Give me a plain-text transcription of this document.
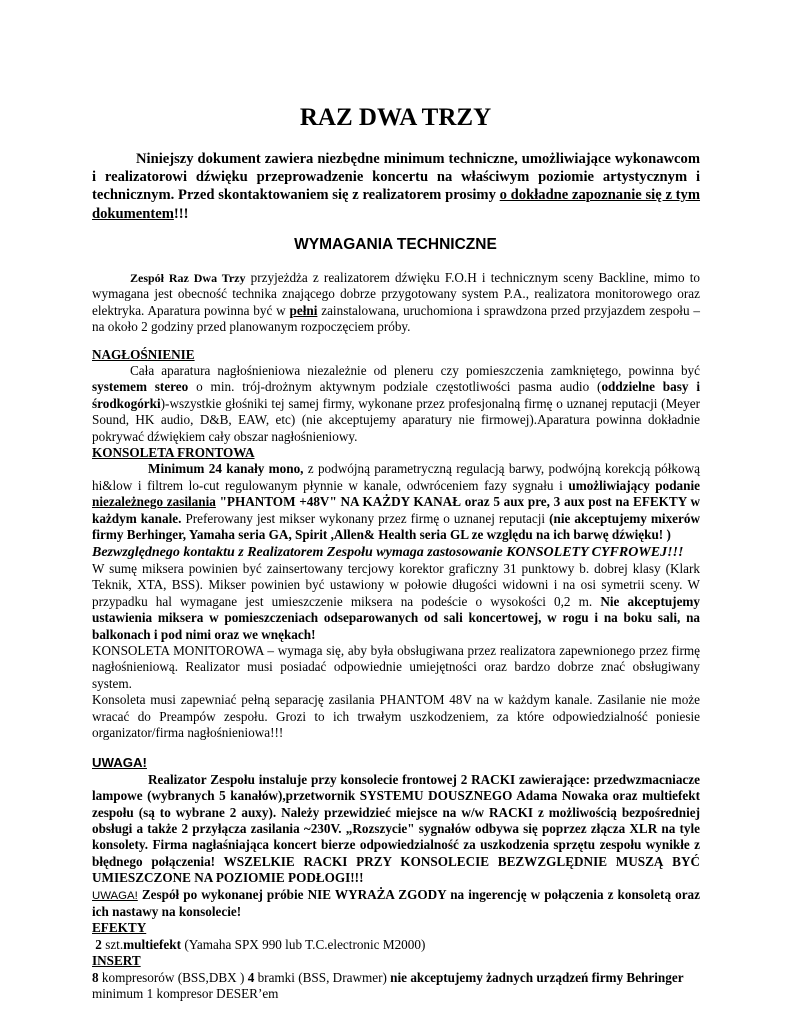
RAZ DWA TRZY

Niniejszy dokument zawiera niezbędne minimum techniczne, umożliwiające wykonawcom i realizatorowi dźwięku przeprowadzenie koncertu na właściwym poziomie artystycznym i technicznym. Przed skontaktowaniem się z realizatorem prosimy o dokładne zapoznanie się z tym dokumentem!!!

WYMAGANIA TECHNICZNE

Zespół Raz Dwa Trzy przyjeżdża z realizatorem dźwięku F.O.H i technicznym sceny Backline, mimo to wymagana jest obecność technika znającego dobrze przygotowany system P.A., realizatora monitorowego oraz elektryka. Aparatura powinna być w pełni zainstalowana, uruchomiona i sprawdzona przed przyjazdem zespołu – na około 2 godziny przed planowanym rozpoczęciem próby.

NAGŁOŚNIENIE

Cała aparatura nagłośnieniowa niezależnie od pleneru czy pomieszczenia zamkniętego, powinna być systemem stereo o min. trój-drożnym aktywnym podziale częstotliwości pasma audio (oddzielne basy i środkogórki)-wszystkie głośniki tej samej firmy, wykonane przez profesjonalną firmę o uznanej reputacji (Meyer Sound, HK audio, D&B, EAW, etc) (nie akceptujemy aparatury nie firmowej).Aparatura powinna dokładnie pokrywać dźwiękiem cały obszar nagłośnieniowy.

KONSOLETA FRONTOWA

Minimum 24 kanały mono, z podwójną parametryczną regulacją barwy, podwójną korekcją półkową hi&low i filtrem lo-cut regulowanym płynnie w kanale, odwróceniem fazy sygnału i umożliwiający podanie niezależnego zasilania "PHANTOM +48V" NA KAŻDY KANAŁ oraz 5 aux pre, 3 aux post na EFEKTY w każdym kanale. Preferowany jest mikser wykonany przez firmę o uznanej reputacji (nie akceptujemy mixerów firmy Berhinger, Yamaha seria GA, Spirit ,Allen& Health seria GL ze względu na ich barwę dźwięku! )

Bezwzględnego kontaktu z Realizatorem Zespołu wymaga zastosowanie KONSOLETY CYFROWEJ!!!

W sumę miksera powinien być zainsertowany tercjowy korektor graficzny 31 punktowy b. dobrej klasy (Klark Teknik, XTA, BSS). Mikser powinien być ustawiony w połowie długości widowni i na osi symetrii sceny. W przypadku hal wymagane jest umieszczenie miksera na podeście o wysokości 0,2 m. Nie akceptujemy ustawienia miksera w pomieszczeniach odseparowanych od sali koncertowej, w rogu i na boku sali, na balkonach i pod nimi oraz we wnękach!

KONSOLETA MONITOROWA – wymaga się, aby była obsługiwana przez realizatora zapewnionego przez firmę nagłośnieniową. Realizator musi posiadać odpowiednie umiejętności oraz bardzo dobrze znać obsługiwany system.

Konsoleta musi zapewniać pełną separację zasilania PHANTOM 48V na w każdym kanale. Zasilanie nie może wracać do Preampów zespołu. Grozi to ich trwałym uszkodzeniem, za które odpowiedzialność poniesie organizator/firma nagłośnieniowa!!!

UWAGA!

Realizator Zespołu instaluje przy konsolecie frontowej 2 RACKI zawierające: przedwzmacniacze lampowe (wybranych 5 kanałów),przetwornik SYSTEMU DOUSZNEGO Adama Nowaka oraz multiefekt zespołu (są to wybrane 2 auxy). Należy przewidzieć miejsce na w/w RACKI z możliwością bezpośredniej obsługi a także 2 przyłącza zasilania ~230V. „Rozszycie" sygnałów odbywa się poprzez złącza XLR na tyle konsolety. Firma nagłaśniająca koncert bierze odpowiedzialność za uszkodzenia sprzętu zespołu wynikłe z błędnego połączenia! WSZELKIE RACKI PRZY KONSOLECIE BEZWZGLĘDNIE MUSZĄ BYĆ UMIESZCZONE NA POZIOMIE PODŁOGI!!!

UWAGA! Zespół po wykonanej próbie NIE WYRAŻA ZGODY na ingerencję w połączenia z konsoletą oraz ich nastawy na konsolecie!

EFEKTY

2 szt.multiefekt (Yamaha SPX 990 lub T.C.electronic M2000)

INSERT

8 kompresorów (BSS,DBX ) 4 bramki (BSS, Drawmer) nie akceptujemy żadnych urządzeń firmy Behringer

minimum 1 kompresor DESER’em
